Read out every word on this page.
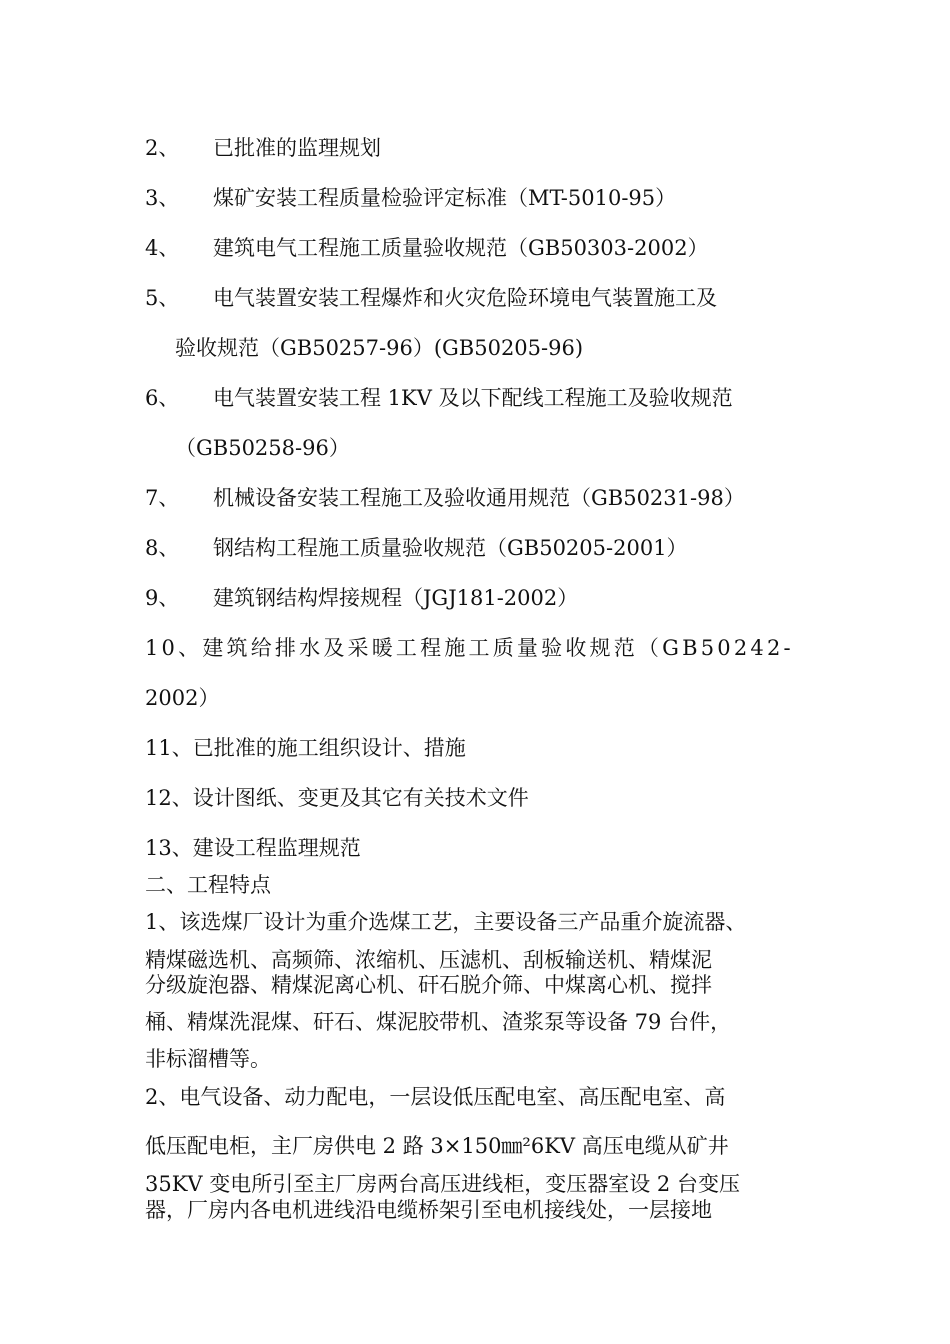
2、 已批准的监理规划
3、 煤矿安装工程质量检验评定标准（MT-5010-95）
4、 建筑电气工程施工质量验收规范（GB50303-2002）
5、 电气装置安装工程爆炸和火灾危险环境电气装置施工及
验收规范（GB50257-96）(GB50205-96)
6、 电气装置安装工程 1KV 及以下配线工程施工及验收规范
（GB50258-96）
7、 机械设备安装工程施工及验收通用规范（GB50231-98）
8、 钢结构工程施工质量验收规范（GB50205-2001）
9、 建筑钢结构焊接规程（JGJ181-2002）
10、建筑给排水及采暖工程施工质量验收规范（GB50242-
2002）
11、已批准的施工组织设计、措施
12、设计图纸、变更及其它有关技术文件
13、建设工程监理规范
二、工程特点
1、该选煤厂设计为重介选煤工艺，主要设备三产品重介旋流器、
精煤磁选机、高频筛、浓缩机、压滤机、刮板输送机、精煤泥
分级旋泡器、精煤泥离心机、矸石脱介筛、中煤离心机、搅拌
桶、精煤洗混煤、矸石、煤泥胶带机、渣浆泵等设备 79 台件，
非标溜槽等。
2、电气设备、动力配电，一层设低压配电室、高压配电室、高
低压配电柜，主厂房供电 2 路 3×150㎜²6KV 高压电缆从矿井
35KV 变电所引至主厂房两台高压进线柜，变压器室设 2 台变压
器，厂房内各电机进线沿电缆桥架引至电机接线处，一层接地
